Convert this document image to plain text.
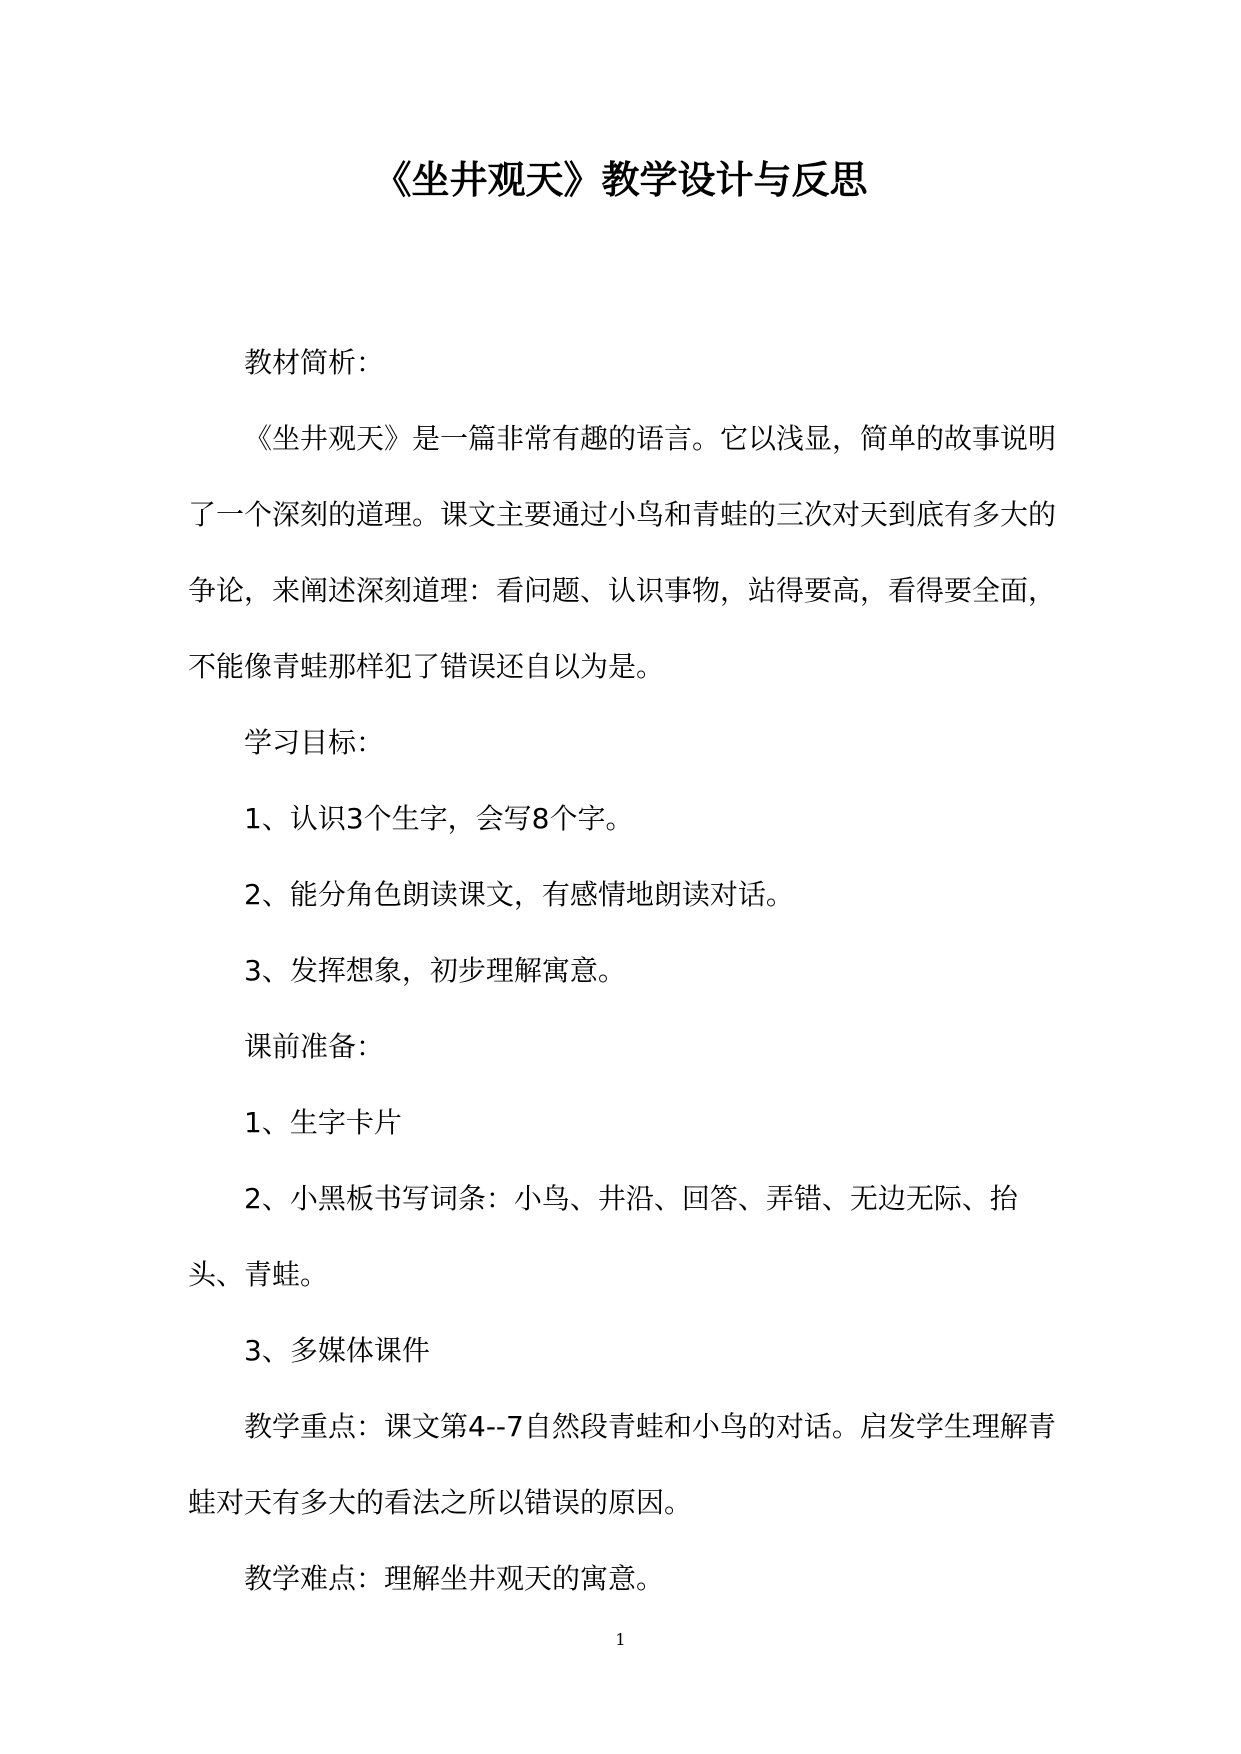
《坐井观天》教学设计与反思

教材简析：

《坐井观天》是一篇非常有趣的语言。它以浅显，简单的故事说明了一个深刻的道理。课文主要通过小鸟和青蛙的三次对天到底有多大的争论，来阐述深刻道理：看问题、认识事物，站得要高，看得要全面，不能像青蛙那样犯了错误还自以为是。

学习目标：

1、认识3个生字，会写8个字。

2、能分角色朗读课文，有感情地朗读对话。

3、发挥想象，初步理解寓意。

课前准备：

1、生字卡片

2、小黑板书写词条：小鸟、井沿、回答、弄错、无边无际、抬头、青蛙。

3、多媒体课件

教学重点：课文第4--7自然段青蛙和小鸟的对话。启发学生理解青蛙对天有多大的看法之所以错误的原因。

教学难点：理解坐井观天的寓意。

1
